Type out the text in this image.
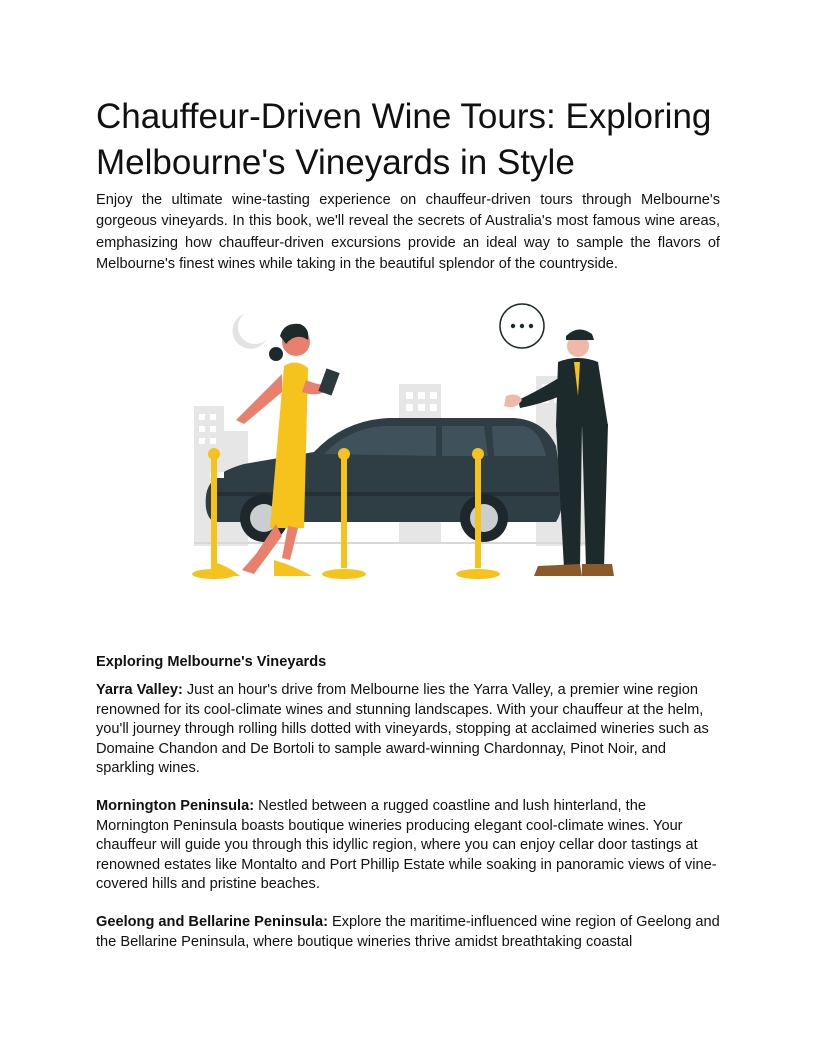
Chauffeur-Driven Wine Tours: Exploring
Melbourne's Vineyards in Style

Enjoy the ultimate wine-tasting experience on chauffeur-driven tours through Melbourne's gorgeous vineyards. In this book, we'll reveal the secrets of Australia's most famous wine areas, emphasizing how chauffeur-driven excursions provide an ideal way to sample the flavors of Melbourne's finest wines while taking in the beautiful splendor of the countryside.

Exploring Melbourne's Vineyards

Yarra Valley: Just an hour's drive from Melbourne lies the Yarra Valley, a premier wine region renowned for its cool-climate wines and stunning landscapes. With your chauffeur at the helm, you'll journey through rolling hills dotted with vineyards, stopping at acclaimed wineries such as Domaine Chandon and De Bortoli to sample award-winning Chardonnay, Pinot Noir, and sparkling wines.

Mornington Peninsula: Nestled between a rugged coastline and lush hinterland, the Mornington Peninsula boasts boutique wineries producing elegant cool-climate wines. Your chauffeur will guide you through this idyllic region, where you can enjoy cellar door tastings at renowned estates like Montalto and Port Phillip Estate while soaking in panoramic views of vine-covered hills and pristine beaches.

Geelong and Bellarine Peninsula: Explore the maritime-influenced wine region of Geelong and the Bellarine Peninsula, where boutique wineries thrive amidst breathtaking coastal
